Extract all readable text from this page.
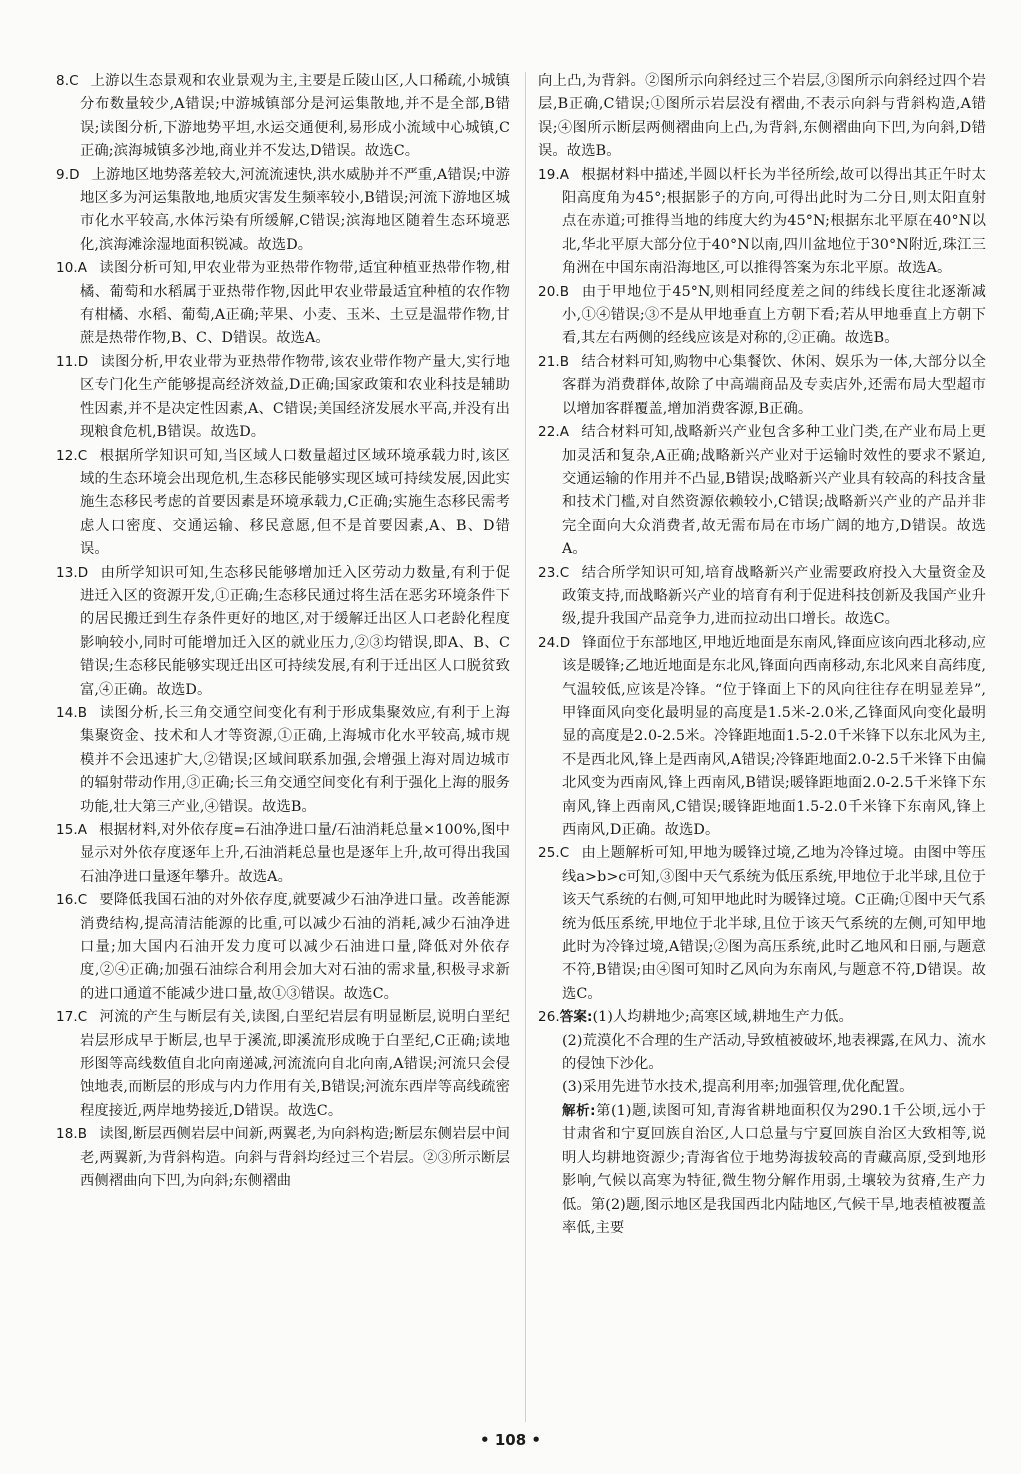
8.C 上游以生态景观和农业景观为主,主要是丘陵山区,人口稀疏,小城镇分布数量较少,A错误;中游城镇部分是河运集散地,并不是全部,B错误;读图分析,下游地势平坦,水运交通便利,易形成小流域中心城镇,C正确;滨海城镇多沙地,商业并不发达,D错误。故选C。
9.D 上游地区地势落差较大,河流流速快,洪水威胁并不严重,A错误;中游地区多为河运集散地,地质灾害发生频率较小,B错误;河流下游地区城市化水平较高,水体污染有所缓解,C错误;滨海地区随着生态环境恶化,滨海滩涂湿地面积锐减。故选D。
10.A 读图分析可知,甲农业带为亚热带作物带,适宜种植亚热带作物,柑橘、葡萄和水稻属于亚热带作物,因此甲农业带最适宜种植的农作物有柑橘、水稻、葡萄,A正确;苹果、小麦、玉米、土豆是温带作物,甘蔗是热带作物,B、C、D错误。故选A。
11.D 读图分析,甲农业带为亚热带作物带,该农业带作物产量大,实行地区专门化生产能够提高经济效益,D正确;国家政策和农业科技是辅助性因素,并不是决定性因素,A、C错误;美国经济发展水平高,并没有出现粮食危机,B错误。故选D。
12.C 根据所学知识可知,当区域人口数量超过区域环境承载力时,该区域的生态环境会出现危机,生态移民能够实现区域可持续发展,因此实施生态移民考虑的首要因素是环境承载力,C正确;实施生态移民需考虑人口密度、交通运输、移民意愿,但不是首要因素,A、B、D错误。
13.D 由所学知识可知,生态移民能够增加迁入区劳动力数量,有利于促进迁入区的资源开发,①正确;生态移民通过将生活在恶劣环境条件下的居民搬迁到生存条件更好的地区,对于缓解迁出区人口老龄化程度影响较小,同时可能增加迁入区的就业压力,②③均错误,即A、B、C错误;生态移民能够实现迁出区可持续发展,有利于迁出区人口脱贫致富,④正确。故选D。
14.B 读图分析,长三角交通空间变化有利于形成集聚效应,有利于上海集聚资金、技术和人才等资源,①正确,上海城市化水平较高,城市规模并不会迅速扩大,②错误;区域间联系加强,会增强上海对周边城市的辐射带动作用,③正确;长三角交通空间变化有利于强化上海的服务功能,壮大第三产业,④错误。故选B。
15.A 根据材料,对外依存度=石油净进口量/石油消耗总量×100%,图中显示对外依存度逐年上升,石油消耗总量也是逐年上升,故可得出我国石油净进口量逐年攀升。故选A。
16.C 要降低我国石油的对外依存度,就要减少石油净进口量。改善能源消费结构,提高清洁能源的比重,可以减少石油的消耗,减少石油净进口量;加大国内石油开发力度可以减少石油进口量,降低对外依存度,②④正确;加强石油综合利用会加大对石油的需求量,积极寻求新的进口通道不能减少进口量,故①③错误。故选C。
17.C 河流的产生与断层有关,读图,白垩纪岩层有明显断层,说明白垩纪岩层形成早于断层,也早于溪流,即溪流形成晚于白垩纪,C正确;读地形图等高线数值自北向南递减,河流流向自北向南,A错误;河流只会侵蚀地表,而断层的形成与内力作用有关,B错误;河流东西岸等高线疏密程度接近,两岸地势接近,D错误。故选C。
18.B 读图,断层西侧岩层中间新,两翼老,为向斜构造;断层东侧岩层中间老,两翼新,为背斜构造。向斜与背斜均经过三个岩层。②③所示断层西侧褶曲向下凹,为向斜;东侧褶曲
向上凸,为背斜。②图所示向斜经过三个岩层,③图所示向斜经过四个岩层,B正确,C错误;①图所示岩层没有褶曲,不表示向斜与背斜构造,A错误;④图所示断层两侧褶曲向上凸,为背斜,东侧褶曲向下凹,为向斜,D错误。故选B。
19.A 根据材料中描述,半圆以杆长为半径所绘,故可以得出其正午时太阳高度角为45°;根据影子的方向,可得出此时为二分日,则太阳直射点在赤道;可推得当地的纬度大约为45°N;根据东北平原在40°N以北,华北平原大部分位于40°N以南,四川盆地位于30°N附近,珠江三角洲在中国东南沿海地区,可以推得答案为东北平原。故选A。
20.B 由于甲地位于45°N,则相同经度差之间的纬线长度往北逐渐减小,①④错误;③不是从甲地垂直上方朝下看;若从甲地垂直上方朝下看,其左右两侧的经线应该是对称的,②正确。故选B。
21.B 结合材料可知,购物中心集餐饮、休闲、娱乐为一体,大部分以全客群为消费群体,故除了中高端商品及专卖店外,还需布局大型超市以增加客群覆盖,增加消费客源,B正确。
22.A 结合材料可知,战略新兴产业包含多种工业门类,在产业布局上更加灵活和复杂,A正确;战略新兴产业对于运输时效性的要求不紧迫,交通运输的作用并不凸显,B错误;战略新兴产业具有较高的科技含量和技术门槛,对自然资源依赖较小,C错误;战略新兴产业的产品并非完全面向大众消费者,故无需布局在市场广阔的地方,D错误。故选A。
23.C 结合所学知识可知,培育战略新兴产业需要政府投入大量资金及政策支持,而战略新兴产业的培育有利于促进科技创新及我国产业升级,提升我国产品竞争力,进而拉动出口增长。故选C。
24.D 锋面位于东部地区,甲地近地面是东南风,锋面应该向西北移动,应该是暖锋;乙地近地面是东北风,锋面向西南移动,东北风来自高纬度,气温较低,应该是冷锋。“位于锋面上下的风向往往存在明显差异”,甲锋面风向变化最明显的高度是1.5米-2.0米,乙锋面风向变化最明显的高度是2.0-2.5米。冷锋距地面1.5-2.0千米锋下以东北风为主,不是西北风,锋上是西南风,A错误;冷锋距地面2.0-2.5千米锋下由偏北风变为西南风,锋上西南风,B错误;暖锋距地面2.0-2.5千米锋下东南风,锋上西南风,C错误;暖锋距地面1.5-2.0千米锋下东南风,锋上西南风,D正确。故选D。
25.C 由上题解析可知,甲地为暖锋过境,乙地为冷锋过境。由图中等压线a>b>c可知,③图中天气系统为低压系统,甲地位于北半球,且位于该天气系统的右侧,可知甲地此时为暖锋过境。C正确;①图中天气系统为低压系统,甲地位于北半球,且位于该天气系统的左侧,可知甲地此时为冷锋过境,A错误;②图为高压系统,此时乙地风和日丽,与题意不符,B错误;由④图可知时乙风向为东南风,与题意不符,D错误。故选C。
26.答案:(1)人均耕地少;高寒区域,耕地生产力低。
(2)荒漠化不合理的生产活动,导致植被破坏,地表裸露,在风力、流水的侵蚀下沙化。
(3)采用先进节水技术,提高利用率;加强管理,优化配置。
解析:第(1)题,读图可知,青海省耕地面积仅为290.1千公顷,远小于甘肃省和宁夏回族自治区,人口总量与宁夏回族自治区大致相等,说明人均耕地资源少;青海省位于地势海拔较高的青藏高原,受到地形影响,气候以高寒为特征,微生物分解作用弱,土壤较为贫瘠,生产力低。第(2)题,图示地区是我国西北内陆地区,气候干旱,地表植被覆盖率低,主要
• 108 •
